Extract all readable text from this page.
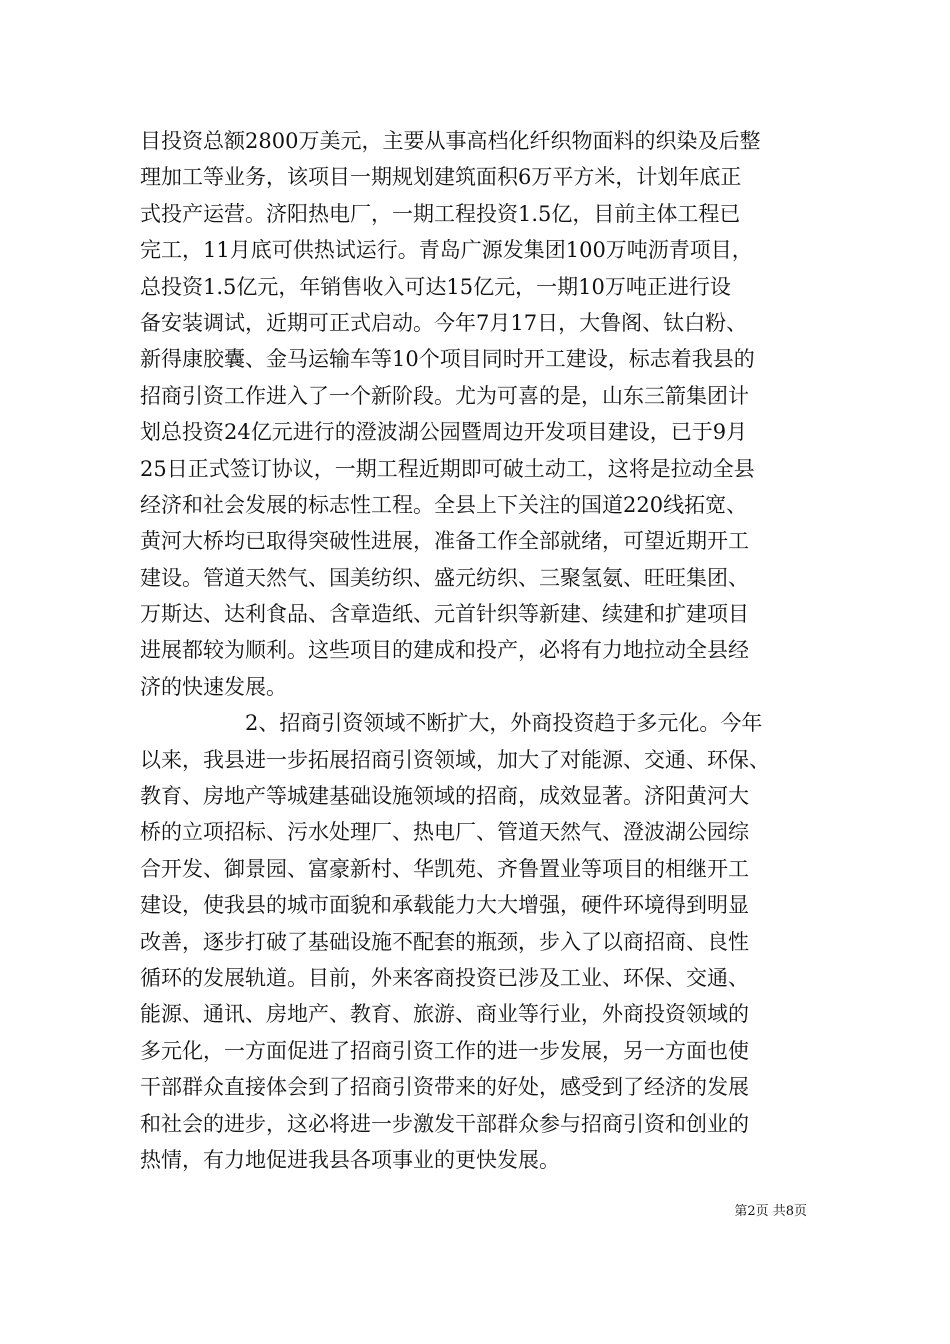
目投资总额2800万美元，主要从事高档化纤织物面料的织染及后整
理加工等业务，该项目一期规划建筑面积6万平方米，计划年底正
式投产运营。济阳热电厂，一期工程投资1.5亿，目前主体工程已
完工，11月底可供热试运行。青岛广源发集团100万吨沥青项目，
总投资1.5亿元，年销售收入可达15亿元，一期10万吨正进行设
备安装调试，近期可正式启动。今年7月17日，大鲁阁、钛白粉、
新得康胶囊、金马运输车等10个项目同时开工建设，标志着我县的
招商引资工作进入了一个新阶段。尤为可喜的是，山东三箭集团计
划总投资24亿元进行的澄波湖公园暨周边开发项目建设，已于9月
25日正式签订协议，一期工程近期即可破土动工，这将是拉动全县
经济和社会发展的标志性工程。全县上下关注的国道220线拓宽、
黄河大桥均已取得突破性进展，准备工作全部就绪，可望近期开工
建设。管道天然气、国美纺织、盛元纺织、三聚氢氨、旺旺集团、
万斯达、达利食品、含章造纸、元首针织等新建、续建和扩建项目
进展都较为顺利。这些项目的建成和投产，必将有力地拉动全县经
济的快速发展。
2、招商引资领域不断扩大，外商投资趋于多元化。今年
以来，我县进一步拓展招商引资领域，加大了对能源、交通、环保、
教育、房地产等城建基础设施领域的招商，成效显著。济阳黄河大
桥的立项招标、污水处理厂、热电厂、管道天然气、澄波湖公园综
合开发、御景园、富豪新村、华凯苑、齐鲁置业等项目的相继开工
建设，使我县的城市面貌和承载能力大大增强，硬件环境得到明显
改善，逐步打破了基础设施不配套的瓶颈，步入了以商招商、良性
循环的发展轨道。目前，外来客商投资已涉及工业、环保、交通、
能源、通讯、房地产、教育、旅游、商业等行业，外商投资领域的
多元化，一方面促进了招商引资工作的进一步发展，另一方面也使
干部群众直接体会到了招商引资带来的好处，感受到了经济的发展
和社会的进步，这必将进一步激发干部群众参与招商引资和创业的
热情，有力地促进我县各项事业的更快发展。
第2页 共8页
